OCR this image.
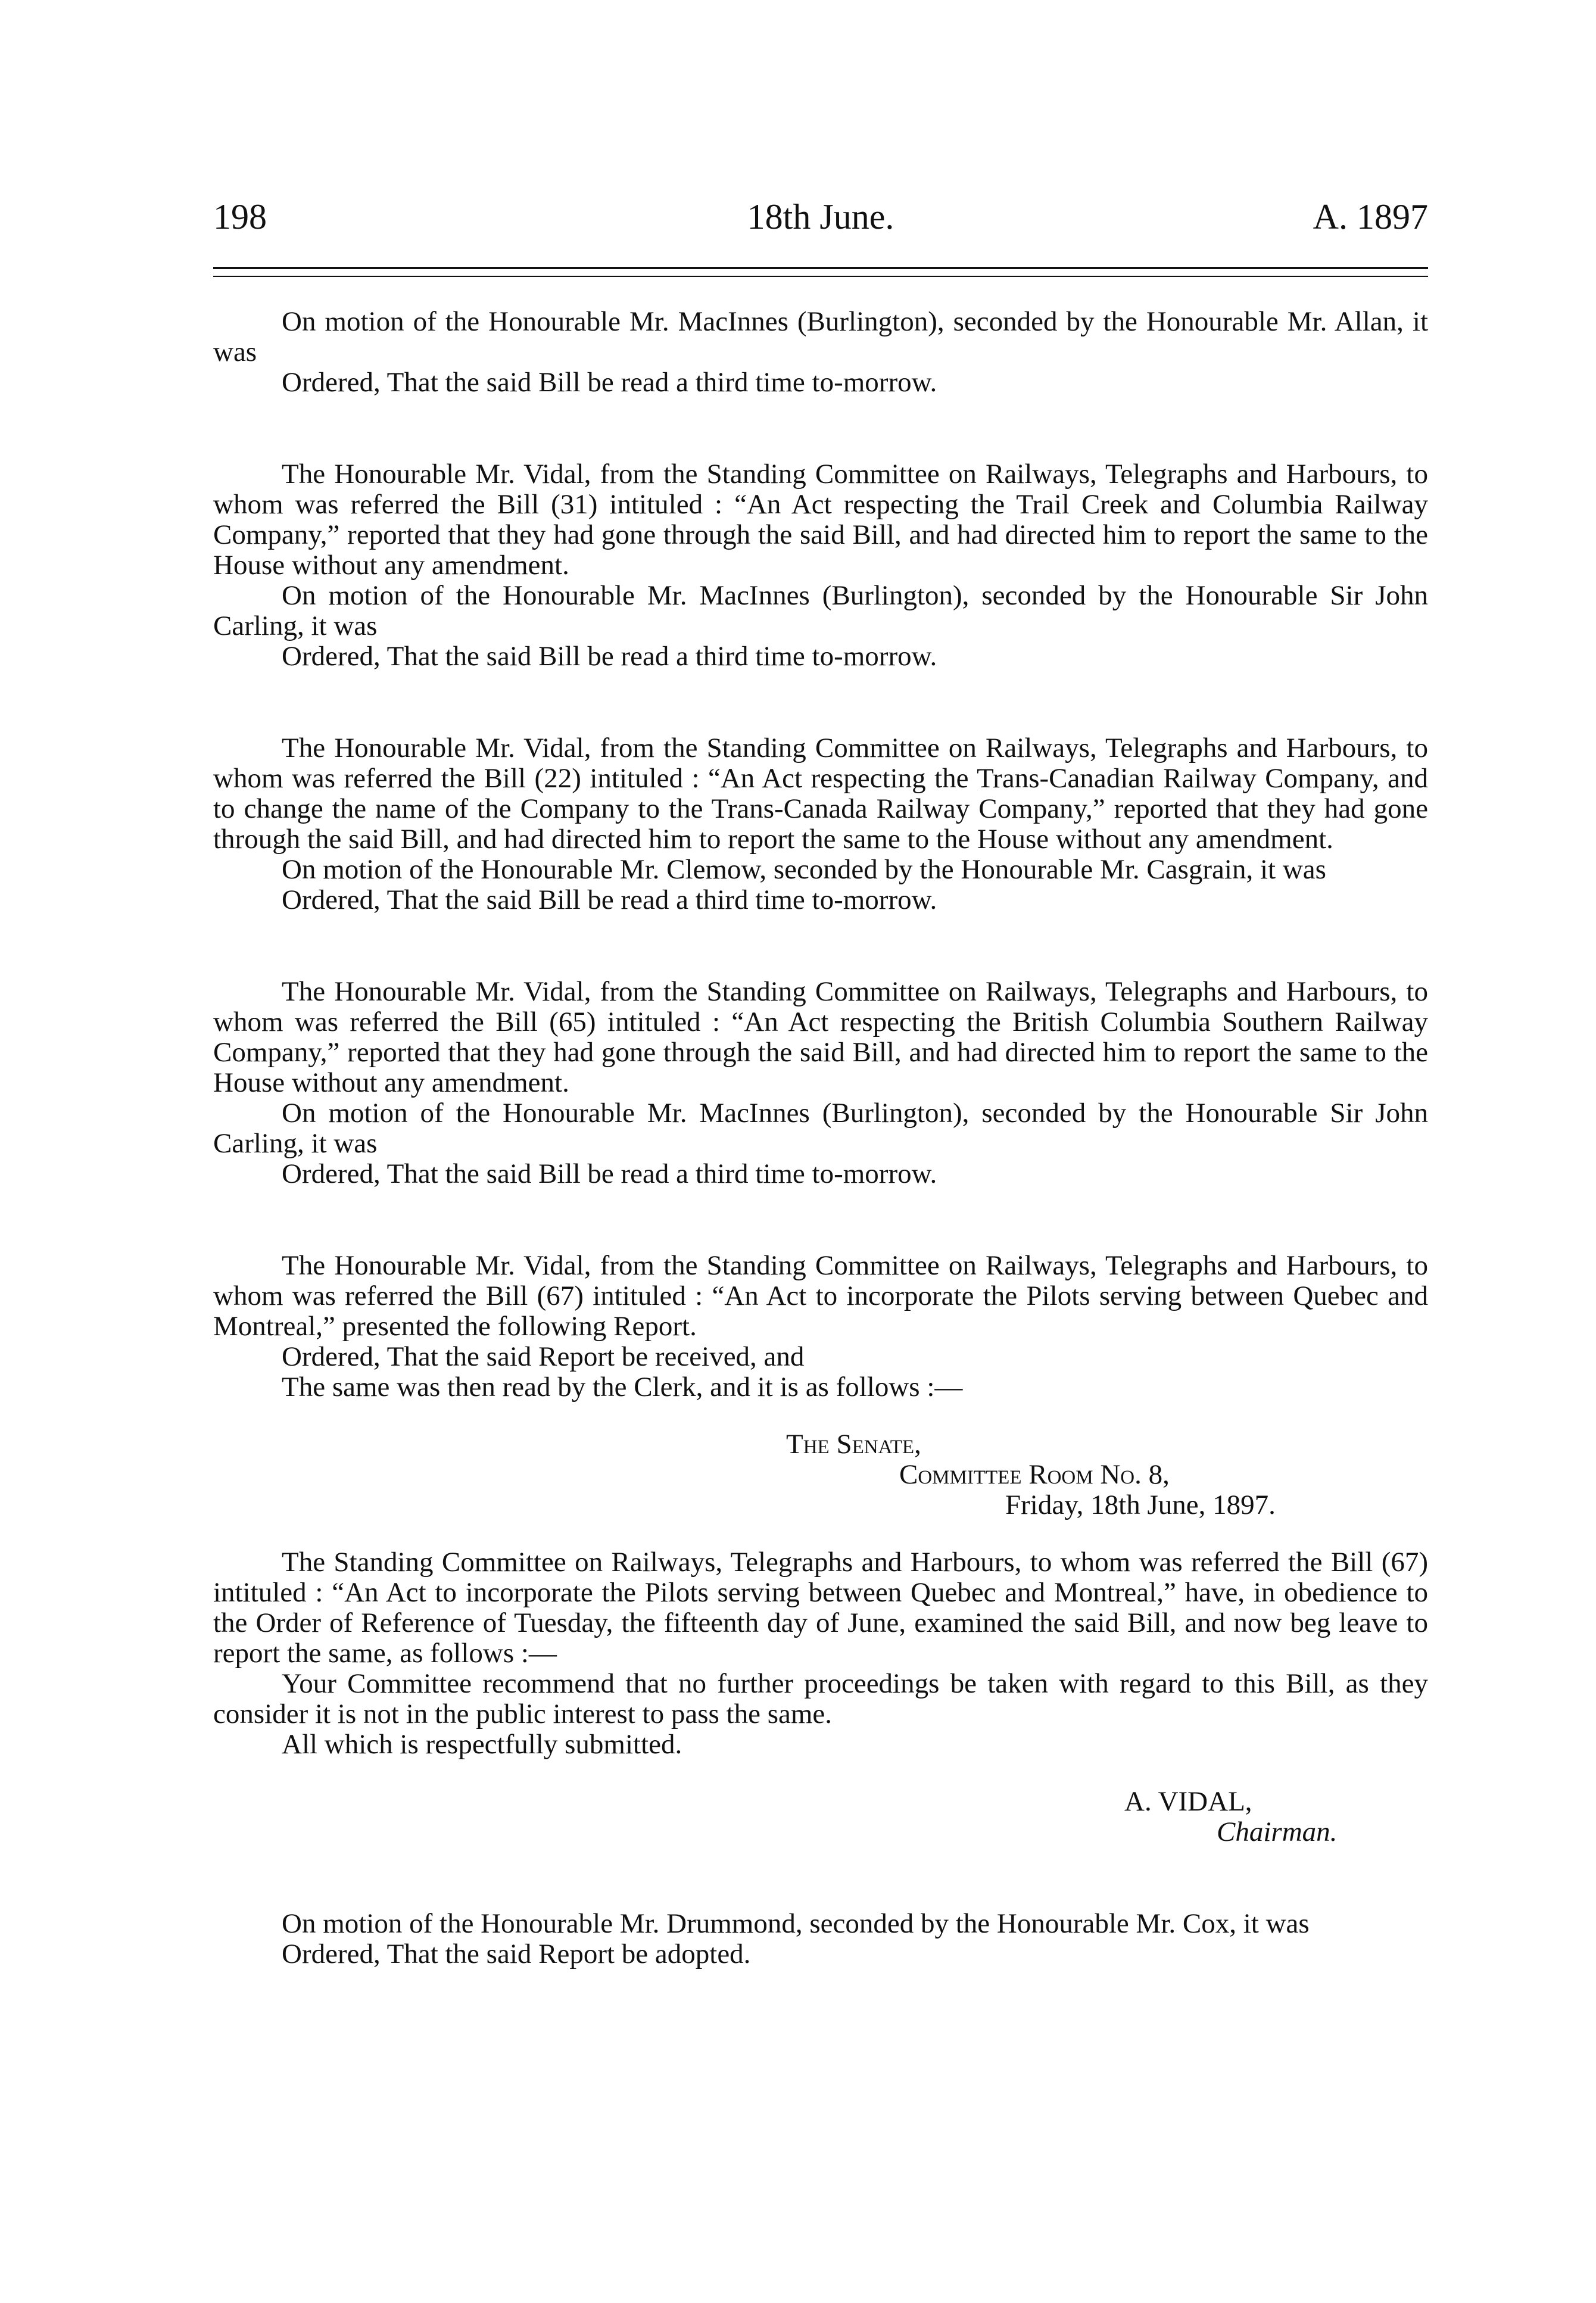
198	18th June.	A. 1897

On motion of the Honourable Mr. MacInnes (Burlington), seconded by the Honourable Mr. Allan, it was

Ordered, That the said Bill be read a third time to-morrow.

The Honourable Mr. Vidal, from the Standing Committee on Railways, Telegraphs and Harbours, to whom was referred the Bill (31) intituled : “An Act respecting the Trail Creek and Columbia Railway Company,” reported that they had gone through the said Bill, and had directed him to report the same to the House without any amendment.

On motion of the Honourable Mr. MacInnes (Burlington), seconded by the Honourable Sir John Carling, it was

Ordered, That the said Bill be read a third time to-morrow.

The Honourable Mr. Vidal, from the Standing Committee on Railways, Telegraphs and Harbours, to whom was referred the Bill (22) intituled : “An Act respecting the Trans-Canadian Railway Company, and to change the name of the Company to the Trans-Canada Railway Company,” reported that they had gone through the said Bill, and had directed him to report the same to the House without any amendment.

On motion of the Honourable Mr. Clemow, seconded by the Honourable Mr. Casgrain, it was

Ordered, That the said Bill be read a third time to-morrow.

The Honourable Mr. Vidal, from the Standing Committee on Railways, Telegraphs and Harbours, to whom was referred the Bill (65) intituled : “An Act respecting the British Columbia Southern Railway Company,” reported that they had gone through the said Bill, and had directed him to report the same to the House without any amendment.

On motion of the Honourable Mr. MacInnes (Burlington), seconded by the Honourable Sir John Carling, it was

Ordered, That the said Bill be read a third time to-morrow.

The Honourable Mr. Vidal, from the Standing Committee on Railways, Telegraphs and Harbours, to whom was referred the Bill (67) intituled : “An Act to incorporate the Pilots serving between Quebec and Montreal,” presented the following Report.

Ordered, That the said Report be received, and

The same was then read by the Clerk, and it is as follows :—

The Senate,

Committee Room No. 8,

Friday, 18th June, 1897.

The Standing Committee on Railways, Telegraphs and Harbours, to whom was referred the Bill (67) intituled : “An Act to incorporate the Pilots serving between Quebec and Montreal,” have, in obedience to the Order of Reference of Tuesday, the fifteenth day of June, examined the said Bill, and now beg leave to report the same, as follows :—

Your Committee recommend that no further proceedings be taken with regard to this Bill, as they consider it is not in the public interest to pass the same.

All which is respectfully submitted.

A. VIDAL,

Chairman.

On motion of the Honourable Mr. Drummond, seconded by the Honourable Mr. Cox, it was

Ordered, That the said Report be adopted.
